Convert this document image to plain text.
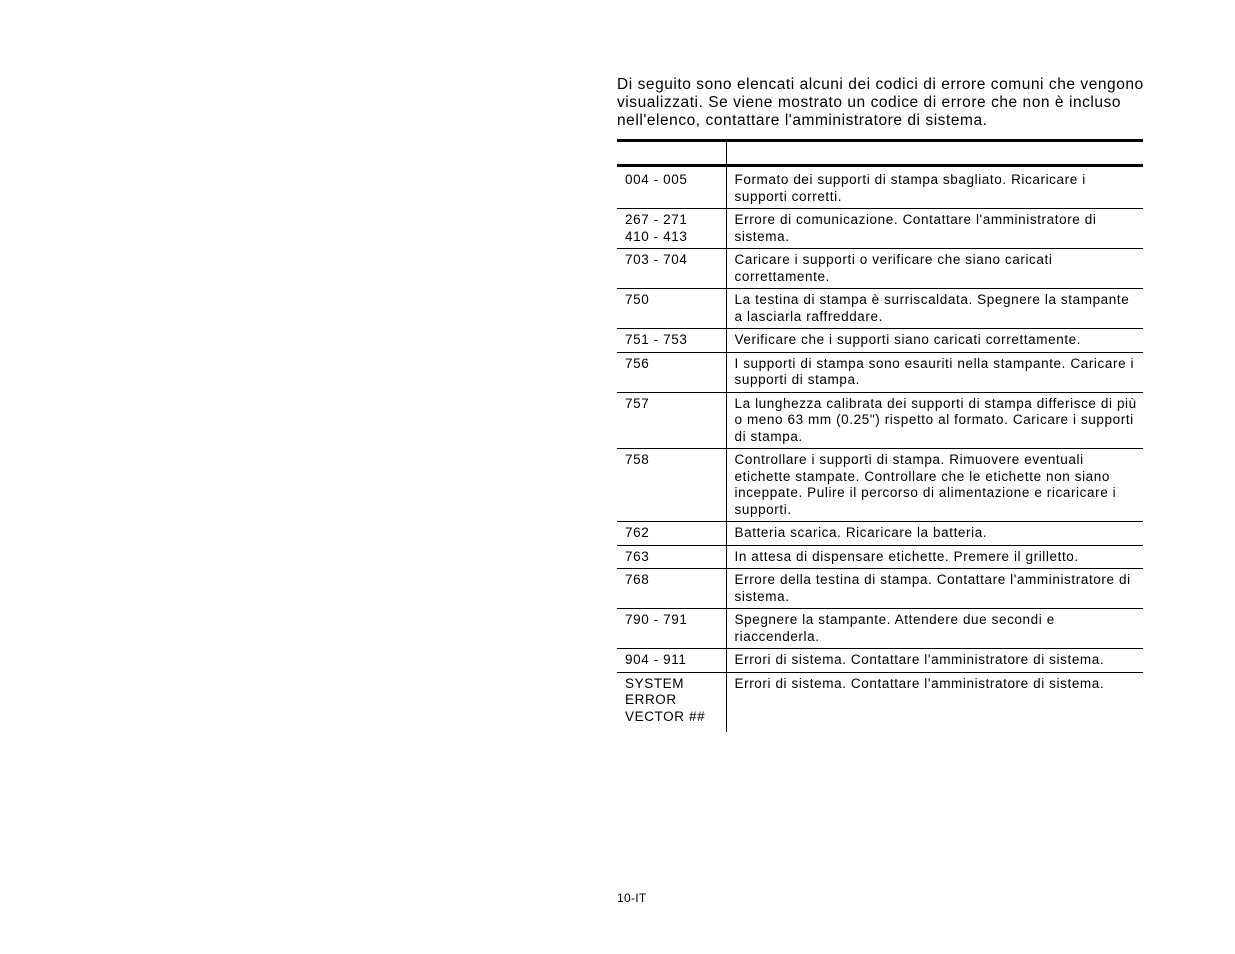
Di seguito sono elencati alcuni dei codici di errore comuni che vengono visualizzati. Se viene mostrato un codice di errore che non è incluso nell'elenco, contattare l'amministratore di sistema.

004 - 005	Formato dei supporti di stampa sbagliato. Ricaricare i supporti corretti.

267 - 271
410 - 413	Errore di comunicazione. Contattare l'amministratore di sistema.

703 - 704	Caricare i supporti o verificare che siano caricati correttamente.

750	La testina di stampa è surriscaldata. Spegnere la stampante a lasciarla raffreddare.

751 - 753	Verificare che i supporti siano caricati correttamente.

756	I supporti di stampa sono esauriti nella stampante. Caricare i supporti di stampa.

757	La lunghezza calibrata dei supporti di stampa differisce di più o meno 63 mm (0.25") rispetto al formato. Caricare i supporti di stampa.

758	Controllare i supporti di stampa. Rimuovere eventuali etichette stampate. Controllare che le etichette non siano inceppate. Pulire il percorso di alimentazione e ricaricare i supporti.

762	Batteria scarica. Ricaricare la batteria.

763	In attesa di dispensare etichette. Premere il grilletto.

768	Errore della testina di stampa. Contattare l'amministratore di sistema.

790 - 791	Spegnere la stampante. Attendere due secondi e riaccenderla.

904 - 911	Errori di sistema. Contattare l'amministratore di sistema.

SYSTEM
ERROR
VECTOR ##	Errori di sistema. Contattare l'amministratore di sistema.
10-IT
